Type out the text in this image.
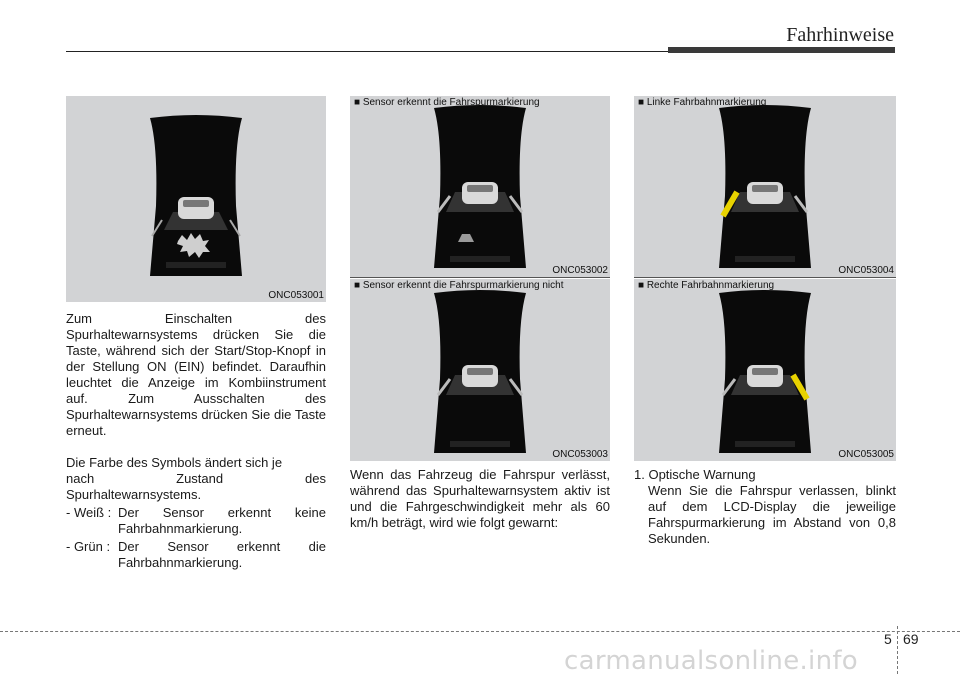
Fahrhinweise
ONC053001
■ Sensor erkennt die Fahrspurmarkierung
ONC053002
■ Sensor erkennt die Fahrspurmarkierung nicht
ONC053003
■ Linke Fahrbahnmarkierung
ONC053004
■ Rechte Fahrbahnmarkierung
ONC053005
Zum	Einschalten	des

Spurhaltewarnsystems drücken Sie die Taste, während sich der Start/Stop-Knopf in der Stellung ON (EIN) befindet. Daraufhin leuchtet die Anzeige im Kombiinstrument auf. Zum Ausschalten des Spurhaltewarnsystems drücken Sie die Taste erneut.

Die Farbe des Symbols ändert sich je
nach	Zustand	des
Spurhaltewarnsystems.
- Weiß : Der Sensor erkennt keine Fahrbahnmarkierung.
- Grün : Der Sensor erkennt die Fahrbahnmarkierung.

Wenn das Fahrzeug die Fahrspur verlässt, während das Spurhaltewarnsystem aktiv ist und die Fahrgeschwindigkeit mehr als 60 km/h beträgt, wird wie folgt gewarnt:

1. Optische Warnung

Wenn Sie die Fahrspur verlassen, blinkt auf dem LCD-Display die jeweilige Fahrspurmarkierung im Abstand von 0,8 Sekunden.

5 69
carmanualsonline.info
